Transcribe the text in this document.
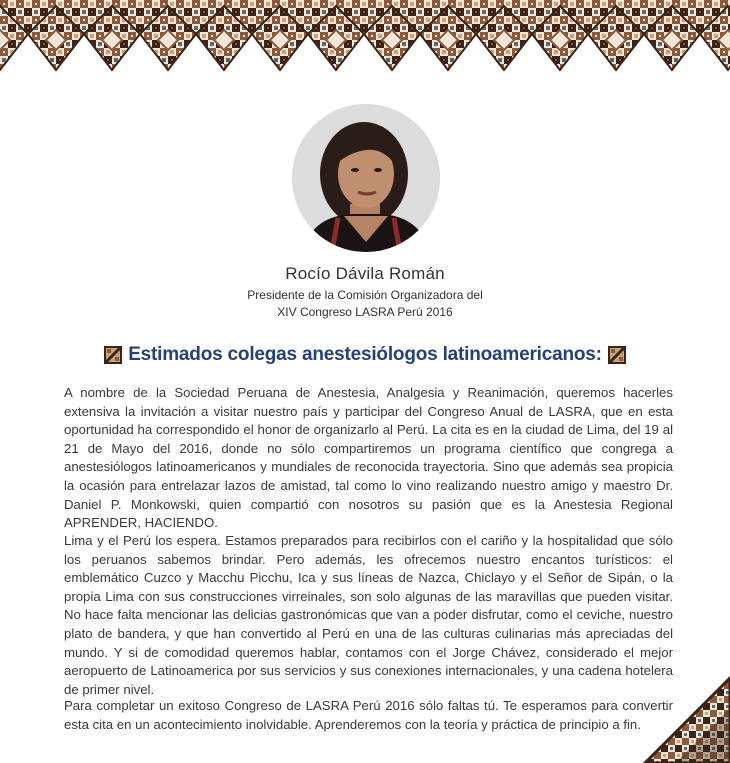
Rocío Dávila Román
Presidente de la Comisión Organizadora del
XIV Congreso LASRA Perú 2016
Estimados colegas anestesiólogos latinoamericanos:

A nombre de la Sociedad Peruana de Anestesia, Analgesia y Reanimación, queremos hacerles extensiva la invitación a visitar nuestro país y participar del Congreso Anual de LASRA, que en esta oportunidad ha correspondido el honor de organizarlo al Perú. La cita es en la ciudad de Lima, del 19 al 21 de Mayo del 2016, donde no sólo compartiremos un programa científico que congrega a anestesiólogos latinoamericanos y mundiales de reconocida trayectoria. Sino que además sea propicia la ocasión para entrelazar lazos de amistad, tal como lo vino realizando nuestro amigo y maestro Dr. Daniel P. Monkowski, quien compartió con nosotros su pasión que es la Anestesia Regional APRENDER, HACIENDO.

Lima y el Perú los espera. Estamos preparados para recibirlos con el cariño y la hospitalidad que sólo los peruanos sabemos brindar. Pero además, les ofrecemos nuestro encantos turísticos: el emblemático Cuzco y Macchu Picchu, Ica y sus líneas de Nazca, Chiclayo y el Señor de Sipán, o la propia Lima con sus construcciones virreinales, son solo algunas de las maravillas que pueden visitar. No hace falta mencionar las delicias gastronómicas que van a poder disfrutar, como el ceviche, nuestro plato de bandera, y que han convertido al Perú en una de las culturas culinarias más apreciadas del mundo. Y si de comodidad queremos hablar, contamos con el Jorge Chávez, considerado el mejor aeropuerto de Latinoamerica por sus servicios y sus conexiones internacionales, y una cadena hotelera de primer nivel.

Para completar un exitoso Congreso de LASRA Perú 2016 sólo faltas tú. Te esperamos para convertir esta cita en un acontecimiento inolvidable. Aprenderemos con la teoría y práctica de principio a fin.
